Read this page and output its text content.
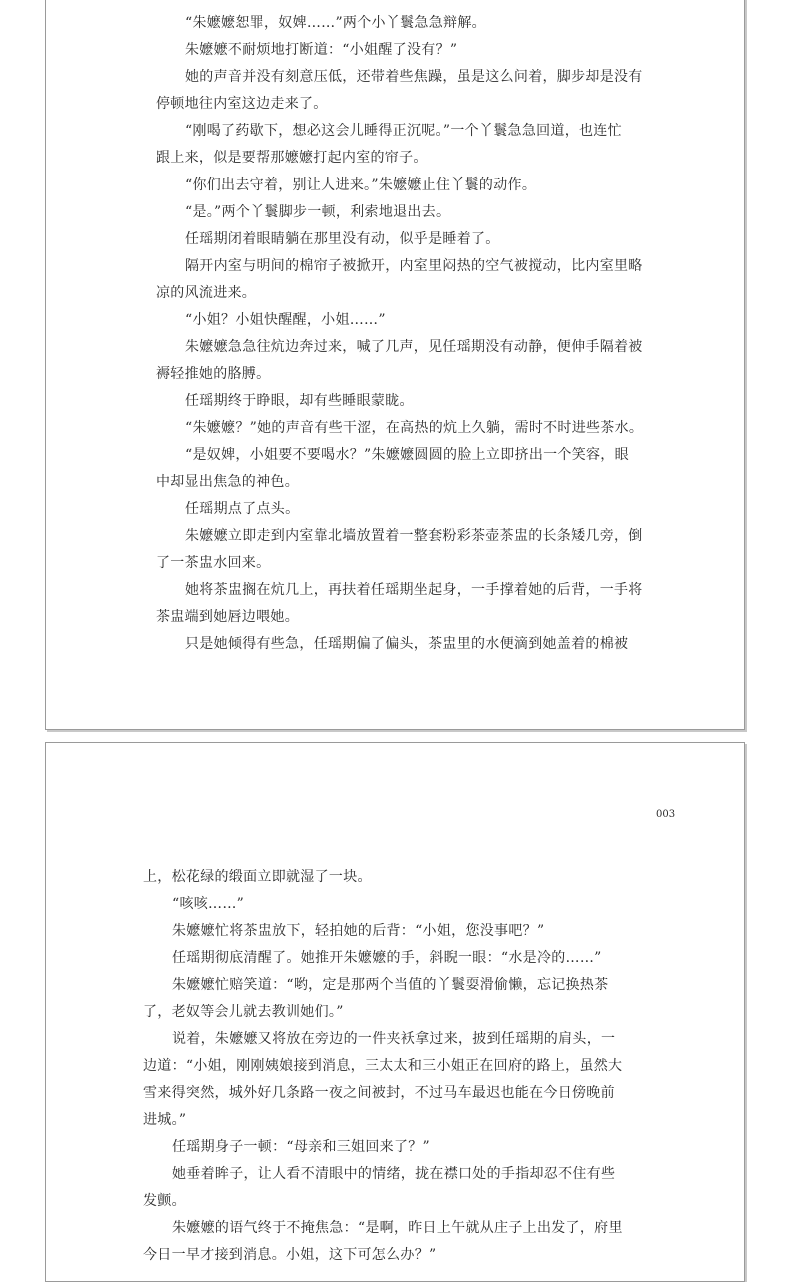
“朱嬷嬷恕罪，奴婢……”两个小丫鬟急急辩解。
朱嬷嬷不耐烦地打断道：“小姐醒了没有？”
她的声音并没有刻意压低，还带着些焦躁，虽是这么问着，脚步却是没有
停顿地往内室这边走来了。
“刚喝了药歇下，想必这会儿睡得正沉呢。”一个丫鬟急急回道，也连忙
跟上来，似是要帮那嬷嬷打起内室的帘子。
“你们出去守着，别让人进来。”朱嬷嬷止住丫鬟的动作。
“是。”两个丫鬟脚步一顿，利索地退出去。
任瑶期闭着眼睛躺在那里没有动，似乎是睡着了。
隔开内室与明间的棉帘子被掀开，内室里闷热的空气被搅动，比内室里略
凉的风流进来。
“小姐？小姐快醒醒，小姐……”
朱嬷嬷急急往炕边奔过来，喊了几声，见任瑶期没有动静，便伸手隔着被
褥轻推她的胳膊。
任瑶期终于睁眼，却有些睡眼蒙眬。
“朱嬷嬷？”她的声音有些干涩，在高热的炕上久躺，需时不时进些茶水。
“是奴婢，小姐要不要喝水？”朱嬷嬷圆圆的脸上立即挤出一个笑容，眼
中却显出焦急的神色。
任瑶期点了点头。
朱嬷嬷立即走到内室靠北墙放置着一整套粉彩茶壶茶盅的长条矮几旁，倒
了一茶盅水回来。
她将茶盅搁在炕几上，再扶着任瑶期坐起身，一手撑着她的后背，一手将
茶盅端到她唇边喂她。
只是她倾得有些急，任瑶期偏了偏头，茶盅里的水便滴到她盖着的棉被
003
上，松花绿的缎面立即就湿了一块。
“咳咳……”
朱嬷嬷忙将茶盅放下，轻拍她的后背：“小姐，您没事吧？”
任瑶期彻底清醒了。她推开朱嬷嬷的手，斜睨一眼：“水是冷的……”
朱嬷嬷忙赔笑道：“哟，定是那两个当值的丫鬟耍滑偷懒，忘记换热茶
了，老奴等会儿就去教训她们。”
说着，朱嬷嬷又将放在旁边的一件夹袄拿过来，披到任瑶期的肩头，一
边道：“小姐，刚刚姨娘接到消息，三太太和三小姐正在回府的路上，虽然大
雪来得突然，城外好几条路一夜之间被封，不过马车最迟也能在今日傍晚前
进城。”
任瑶期身子一顿：“母亲和三姐回来了？”
她垂着眸子，让人看不清眼中的情绪，拢在襟口处的手指却忍不住有些
发颤。
朱嬷嬷的语气终于不掩焦急：“是啊，昨日上午就从庄子上出发了，府里
今日一早才接到消息。小姐，这下可怎么办？”
